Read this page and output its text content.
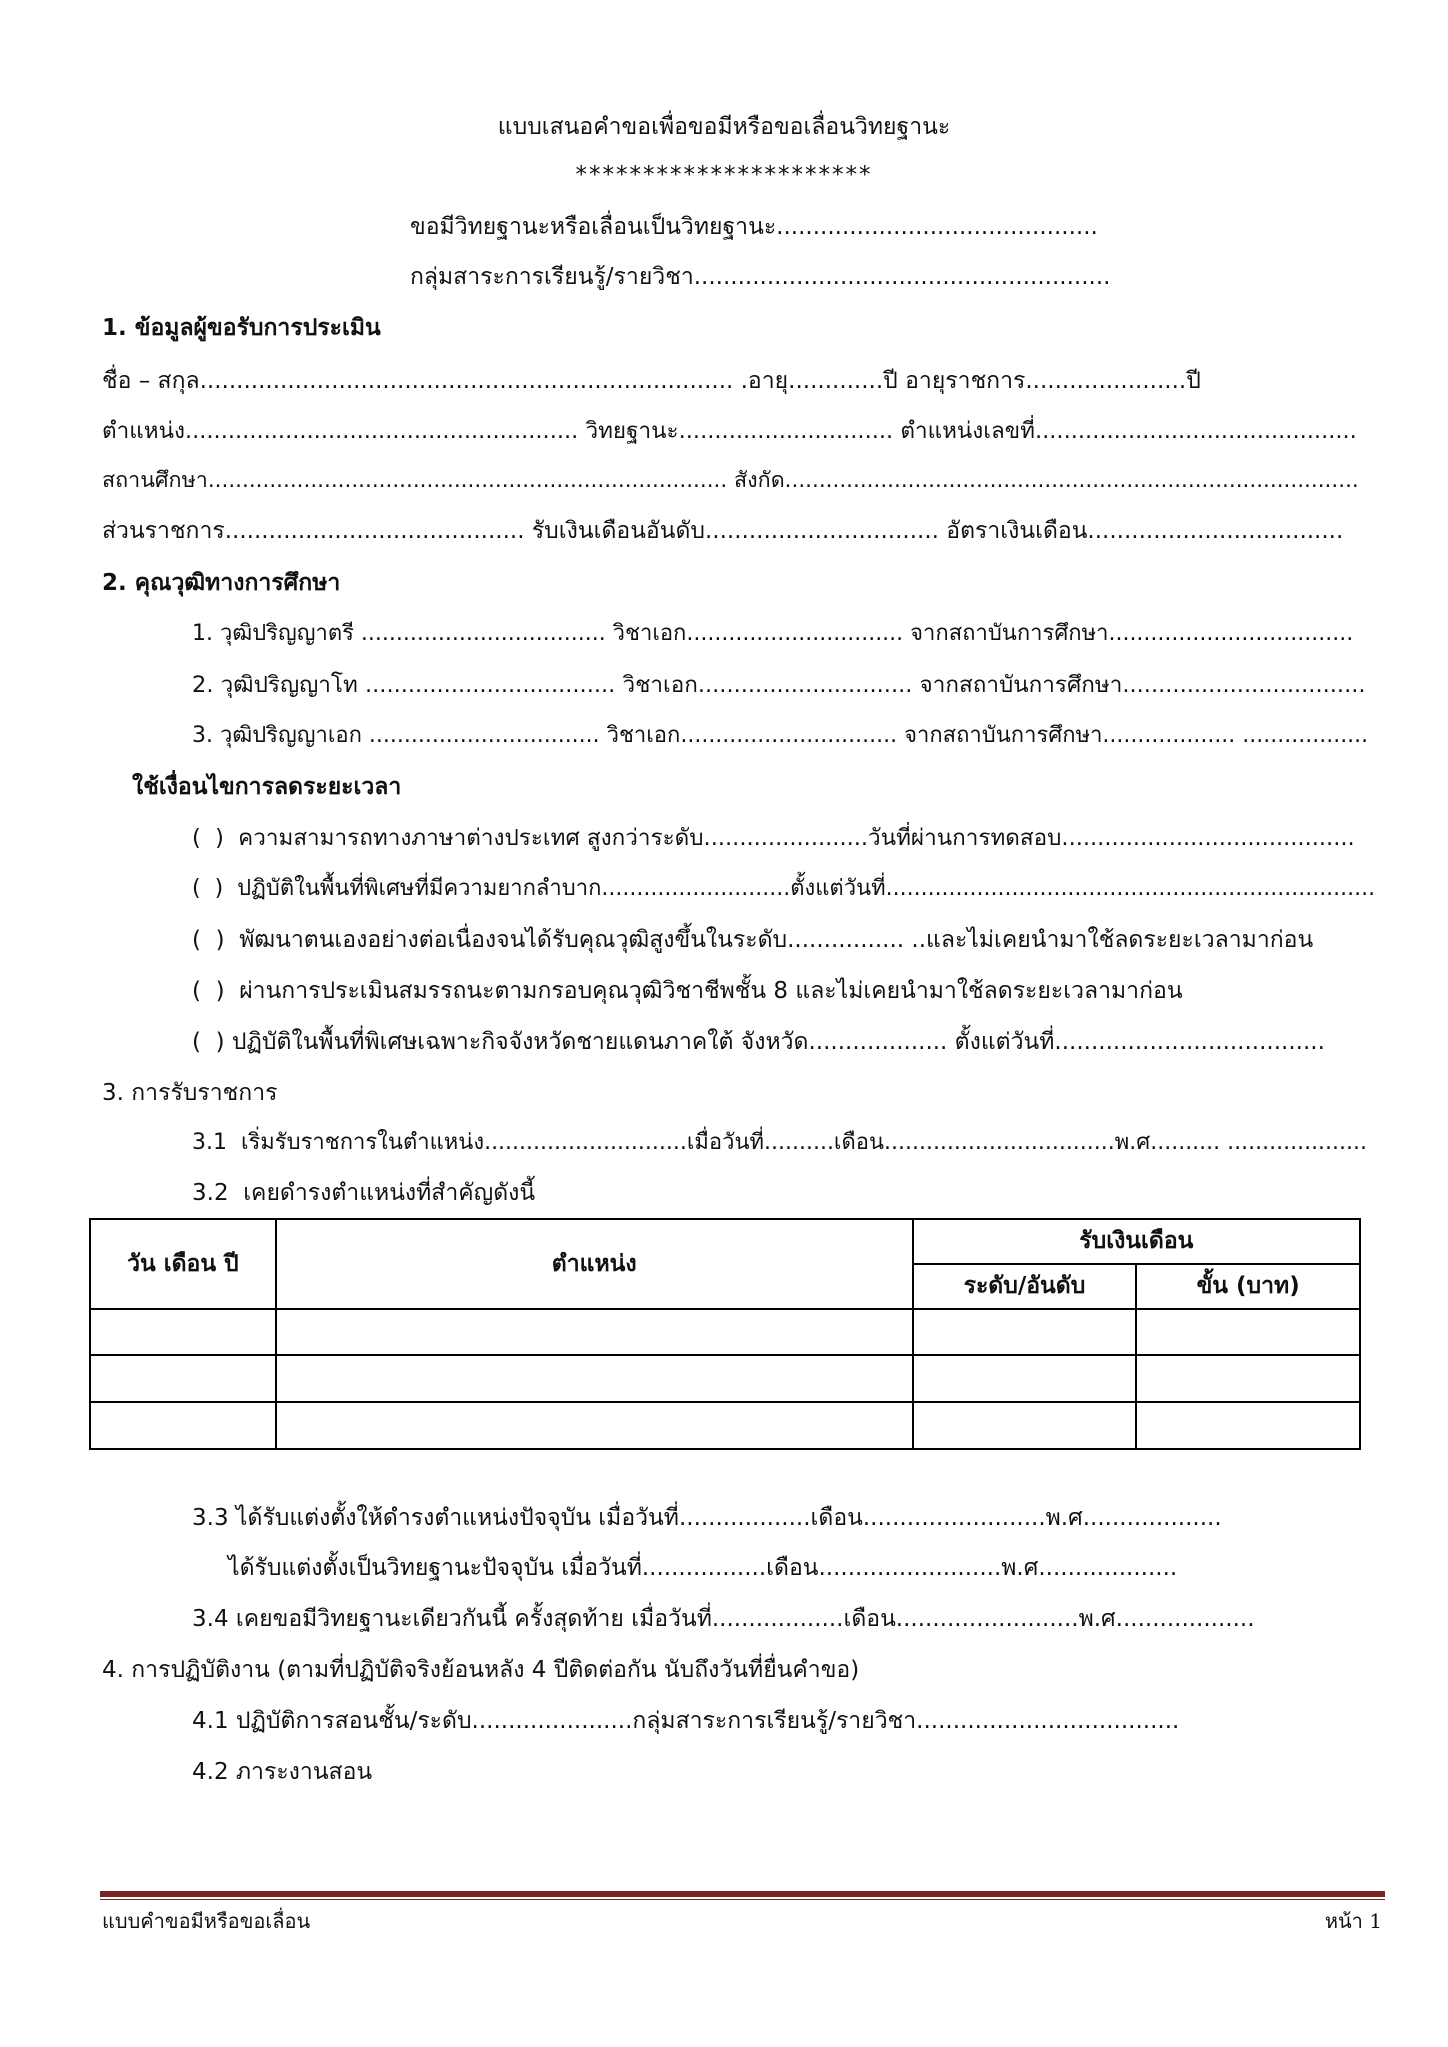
แบบเสนอคำขอเพื่อขอมีหรือขอเลื่อนวิทยฐานะ
**********************
ขอมีวิทยฐานะหรือเลื่อนเป็นวิทยฐานะ............................................
กลุ่มสาระการเรียนรู้/รายวิชา.........................................................
1. ข้อมูลผู้ขอรับการประเมิน
ชื่อ – สกุล......................................................................... .อายุ.............ปี อายุราชการ......................ปี
ตำแหน่ง....................................................... วิทยฐานะ.............................. ตำแหน่งเลขที่.............................................
สถานศึกษา............................................................................ สังกัด....................................................................................
ส่วนราชการ......................................... รับเงินเดือนอันดับ................................ อัตราเงินเดือน...................................
2. คุณวุฒิทางการศึกษา
1. วุฒิปริญญาตรี ................................... วิชาเอก............................... จากสถาบันการศึกษา...................................
2. วุฒิปริญญาโท ................................... วิชาเอก.............................. จากสถาบันการศึกษา..................................
3. วุฒิปริญญาเอก ................................. วิชาเอก............................... จากสถาบันการศึกษา................... ..................
ใช้เงื่อนไขการลดระยะเวลา
(  )  ความสามารถทางภาษาต่างประเทศ สูงกว่าระดับ.......................วันที่ผ่านการทดสอบ.........................................
(  )  ปฏิบัติในพื้นที่พิเศษที่มีความยากลำบาก...........................ตั้งแต่วันที่......................................................................
(  )  พัฒนาตนเองอย่างต่อเนื่องจนได้รับคุณวุฒิสูงขึ้นในระดับ................ ..และไม่เคยนำมาใช้ลดระยะเวลามาก่อน
(  )  ผ่านการประเมินสมรรถนะตามกรอบคุณวุฒิวิชาชีพชั้น 8 และไม่เคยนำมาใช้ลดระยะเวลามาก่อน
(  ) ปฏิบัติในพื้นที่พิเศษเฉพาะกิจจังหวัดชายแดนภาคใต้ จังหวัด................... ตั้งแต่วันที่.....................................
3. การรับราชการ
3.1  เริ่มรับราชการในตำแหน่ง.............................เมื่อวันที่..........เดือน.................................พ.ศ.......... ....................
3.2  เคยดำรงตำแหน่งที่สำคัญดังนี้
วัน เดือน ปี	ตำแหน่ง	รับเงินเดือน	
		ระดับ/อันดับ	ขั้น (บาท)

3.3 ได้รับแต่งตั้งให้ดำรงตำแหน่งปัจจุบัน เมื่อวันที่..................เดือน.........................พ.ศ...................
ได้รับแต่งตั้งเป็นวิทยฐานะปัจจุบัน เมื่อวันที่.................เดือน.........................พ.ศ...................
3.4 เคยขอมีวิทยฐานะเดียวกันนี้ ครั้งสุดท้าย เมื่อวันที่..................เดือน.........................พ.ศ...................
4. การปฏิบัติงาน (ตามที่ปฏิบัติจริงย้อนหลัง 4 ปีติดต่อกัน นับถึงวันที่ยื่นคำขอ)
4.1 ปฏิบัติการสอนชั้น/ระดับ......................กลุ่มสาระการเรียนรู้/รายวิชา....................................
4.2 ภาระงานสอน
แบบคำขอมีหรือขอเลื่อน	หน้า 1
